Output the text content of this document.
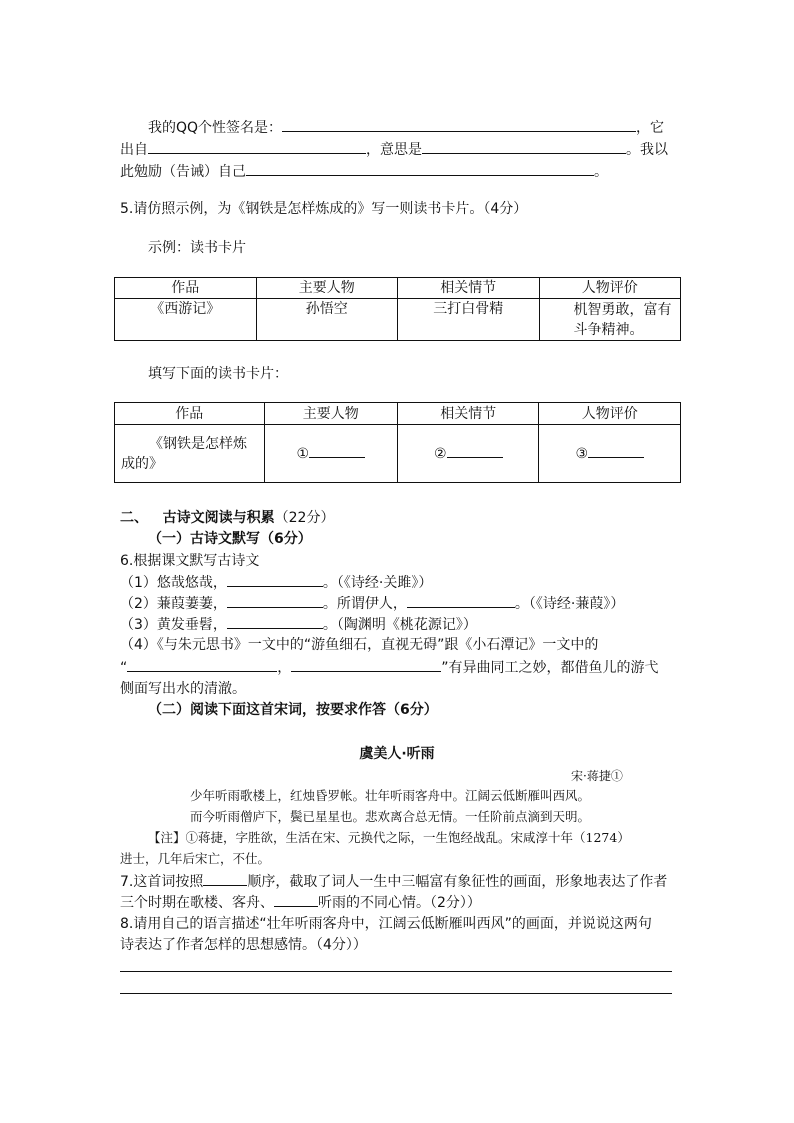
我的QQ个性签名是：	，它
出自	，意思是	。我以
此勉励（告诫）自己	。
5.请仿照示例，为《钢铁是怎样炼成的》写一则读书卡片。（4分）
示例：读书卡片
作品	主要人物	相关情节	人物评价
《西游记》	孙悟空	三打白骨精	机智勇敢，富有
斗争精神。
填写下面的读书卡片：
作品	主要人物	相关情节	人物评价

《钢铁是怎样炼
成的》	①	②	③
二、 古诗文阅读与积累（22分）
（一）古诗文默写（6分）
6.根据课文默写古诗文
（1）悠哉悠哉，	。（《诗经·关雎》）
（2）蒹葭萋萋，	。所谓伊人，	。（《诗经·蒹葭》）
（3）黄发垂髫，	。（陶渊明《桃花源记》）
（4）《与朱元思书》一文中的“游鱼细石，直视无碍”跟《小石潭记》一文中的
“	，	”有异曲同工之妙，都借鱼儿的游弋
侧面写出水的清澈。
（二）阅读下面这首宋词，按要求作答（6分）
虞美人·听雨
宋·蒋捷①
少年听雨歌楼上，红烛昏罗帐。壮年听雨客舟中。江阔云低断雁叫西风。
而今听雨僧庐下，鬓已星星也。悲欢离合总无情。一任阶前点滴到天明。
【注】①蒋捷，字胜欲，生活在宋、元换代之际，一生饱经战乱。宋咸淳十年（1274）
进士，几年后宋亡，不仕。
7.这首词按照	顺序，截取了词人一生中三幅富有象征性的画面，形象地表达了作者
三个时期在歌楼、客舟、	听雨的不同心情。（2分））
8.请用自己的语言描述“壮年听雨客舟中，江阔云低断雁叫西风”的画面，并说说这两句
诗表达了作者怎样的思想感情。（4分））
